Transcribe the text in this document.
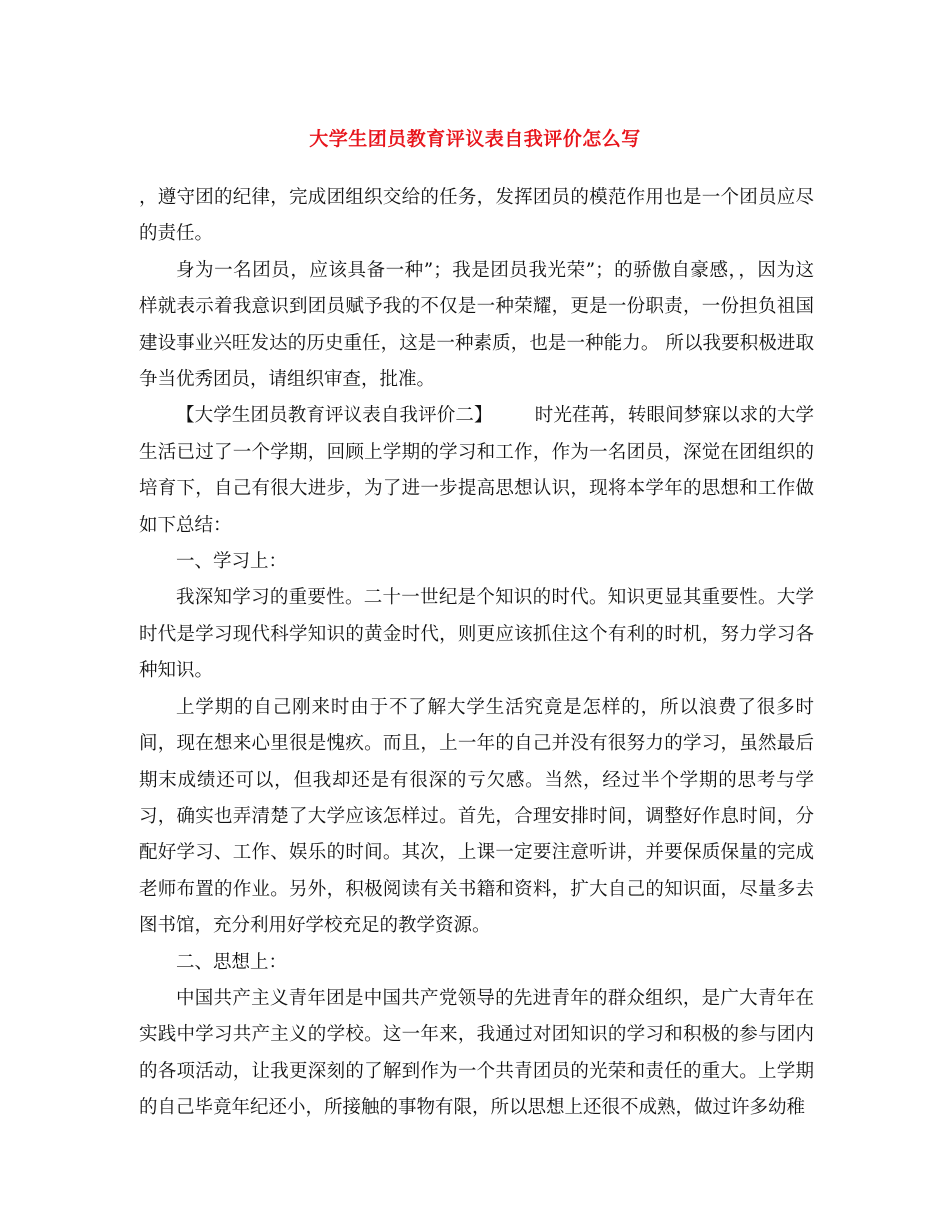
大学生团员教育评议表自我评价怎么写

，遵守团的纪律，完成团组织交给的任务，发挥团员的模范作用也是一个团员应尽的责任。

身为一名团员，应该具备一种”；我是团员我光荣”；的骄傲自豪感，，因为这样就表示着我意识到团员赋予我的不仅是一种荣耀，更是一份职责，一份担负祖国建设事业兴旺发达的历史重任，这是一种素质，也是一种能力。 所以我要积极进取争当优秀团员，请组织审查，批准。

【大学生团员教育评议表自我评价二】 时光荏苒，转眼间梦寐以求的大学生活已过了一个学期，回顾上学期的学习和工作，作为一名团员，深觉在团组织的培育下，自己有很大进步，为了进一步提高思想认识，现将本学年的思想和工作做如下总结：

一、学习上：

我深知学习的重要性。二十一世纪是个知识的时代。知识更显其重要性。大学时代是学习现代科学知识的黄金时代，则更应该抓住这个有利的时机，努力学习各种知识。

上学期的自己刚来时由于不了解大学生活究竟是怎样的，所以浪费了很多时间，现在想来心里很是愧疚。而且，上一年的自己并没有很努力的学习，虽然最后期末成绩还可以，但我却还是有很深的亏欠感。当然，经过半个学期的思考与学习，确实也弄清楚了大学应该怎样过。首先，合理安排时间，调整好作息时间，分配好学习、工作、娱乐的时间。其次，上课一定要注意听讲，并要保质保量的完成老师布置的作业。另外，积极阅读有关书籍和资料，扩大自己的知识面，尽量多去图书馆，充分利用好学校充足的教学资源。

二、思想上：

中国共产主义青年团是中国共产党领导的先进青年的群众组织，是广大青年在实践中学习共产主义的学校。这一年来，我通过对团知识的学习和积极的参与团内的各项活动，让我更深刻的了解到作为一个共青团员的光荣和责任的重大。上学期的自己毕竟年纪还小，所接触的事物有限，所以思想上还很不成熟，做过许多幼稚
